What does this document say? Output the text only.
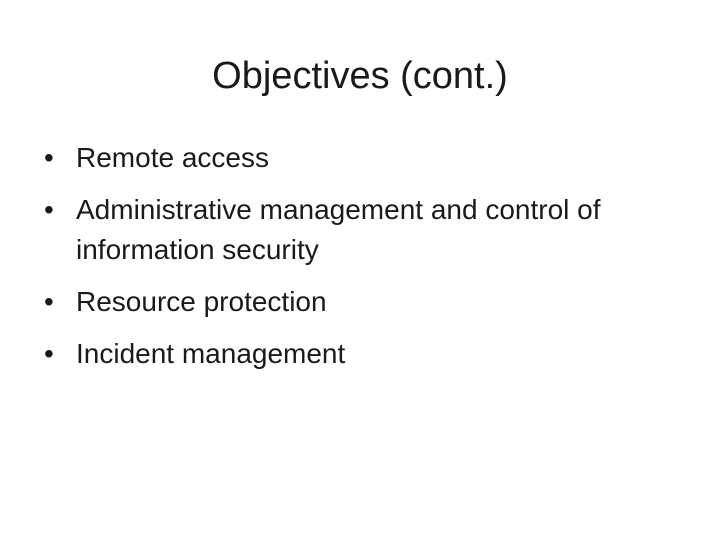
Objectives (cont.)
• Remote access
• Administrative management and control of information security
• Resource protection
• Incident management
